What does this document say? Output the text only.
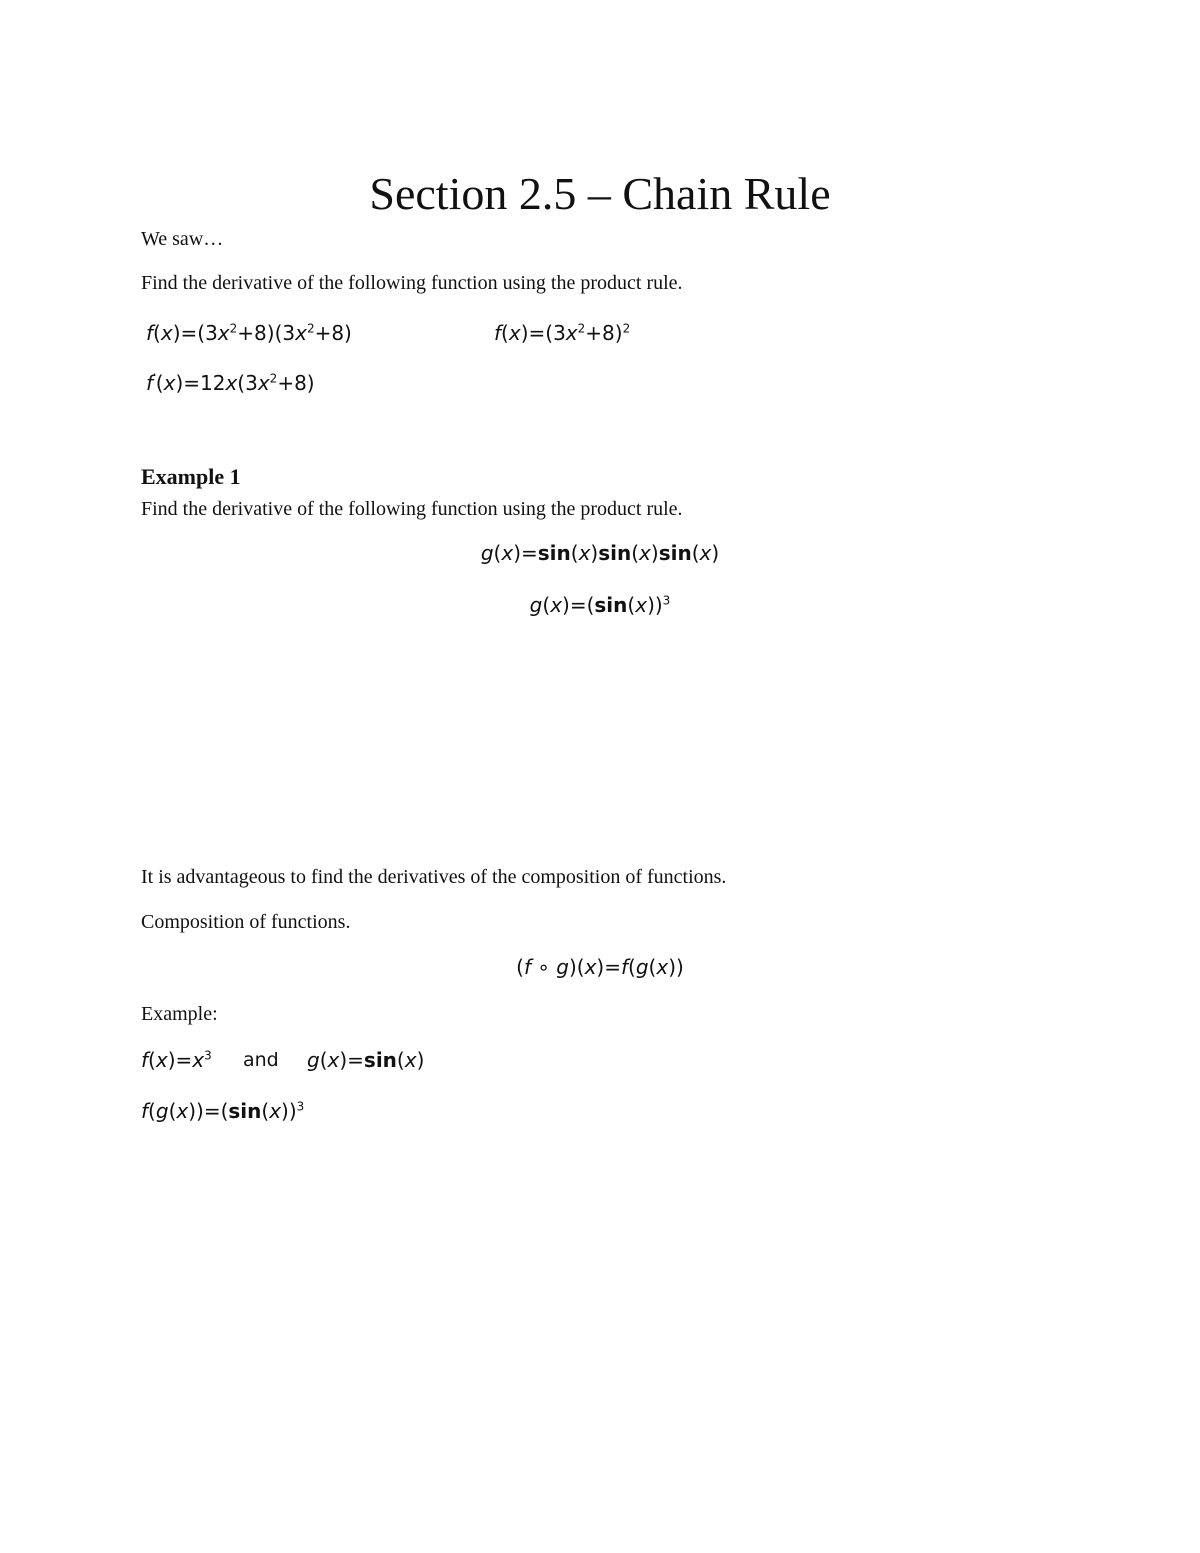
Section 2.5 – Chain Rule
We saw…
Find the derivative of the following function using the product rule.
$f(x)=(3x^2+8)(3x^2+8)$	$f(x)=(3x^2+8)^2$
$f'(x)=12x(3x^2+8)$
Example 1
Find the derivative of the following function using the product rule.
g(x)=sin(x)sin(x)sin(x)
$g(x)=(\sin(x))^3$
It is advantageous to find the derivatives of the composition of functions.
Composition of functions.
(f ∘ g)(x)=f(g(x))
Example:
$f(x)=x^3$ and g(x)=sin(x)
$f(g(x))=(\sin(x))^3$
